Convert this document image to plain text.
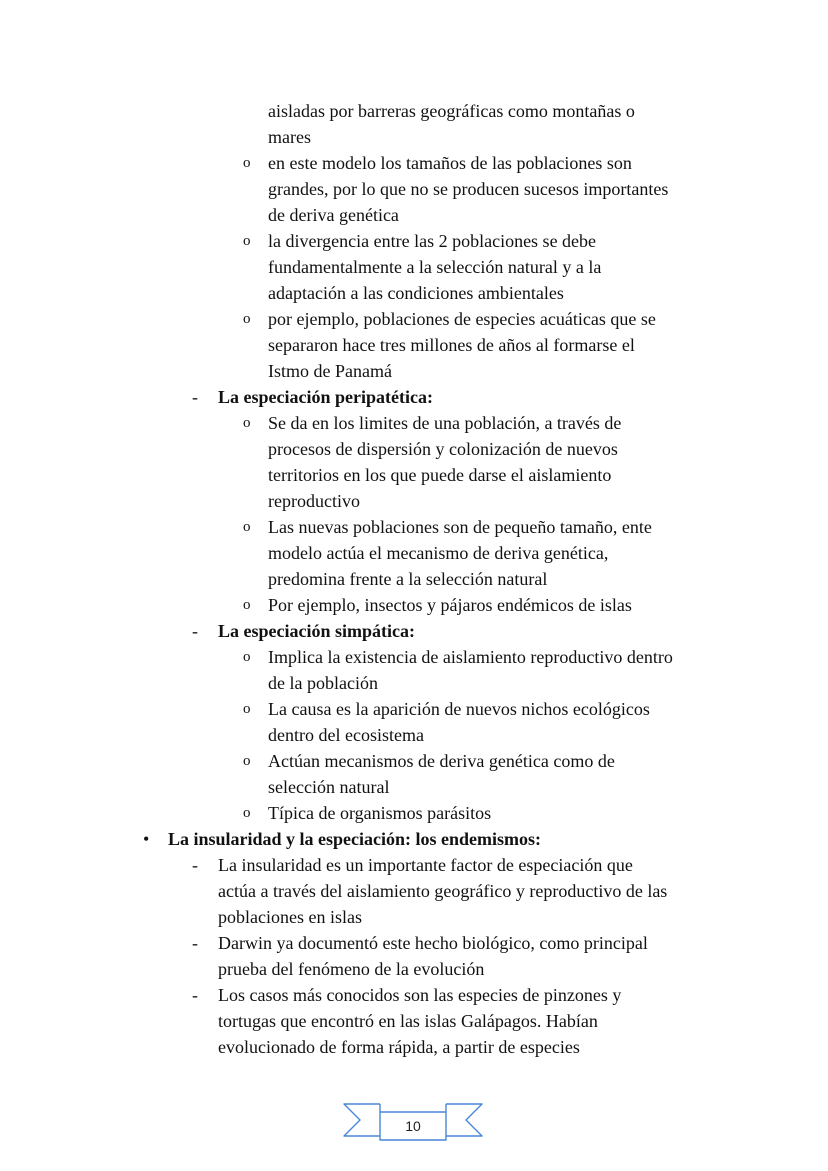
aisladas por barreras geográficas como montañas o
mares
o en este modelo los tamaños de las poblaciones son
grandes, por lo que no se producen sucesos importantes
de deriva genética
o la divergencia entre las 2 poblaciones se debe
fundamentalmente a la selección natural y a la
adaptación a las condiciones ambientales
o por ejemplo, poblaciones de especies acuáticas que se
separaron hace tres millones de años al formarse el
Istmo de Panamá
- La especiación peripatética:
o Se da en los limites de una población, a través de
procesos de dispersión y colonización de nuevos
territorios en los que puede darse el aislamiento
reproductivo
o Las nuevas poblaciones son de pequeño tamaño, ente
modelo actúa el mecanismo de deriva genética,
predomina frente a la selección natural
o Por ejemplo, insectos y pájaros endémicos de islas
- La especiación simpática:
o Implica la existencia de aislamiento reproductivo dentro
de la población
o La causa es la aparición de nuevos nichos ecológicos
dentro del ecosistema
o Actúan mecanismos de deriva genética como de
selección natural
o Típica de organismos parásitos
• La insularidad y la especiación: los endemismos:
- La insularidad es un importante factor de especiación que
actúa a través del aislamiento geográfico y reproductivo de las
poblaciones en islas
- Darwin ya documentó este hecho biológico, como principal
prueba del fenómeno de la evolución
- Los casos más conocidos son las especies de pinzones y
tortugas que encontró en las islas Galápagos. Habían
evolucionado de forma rápida, a partir de especies
10
